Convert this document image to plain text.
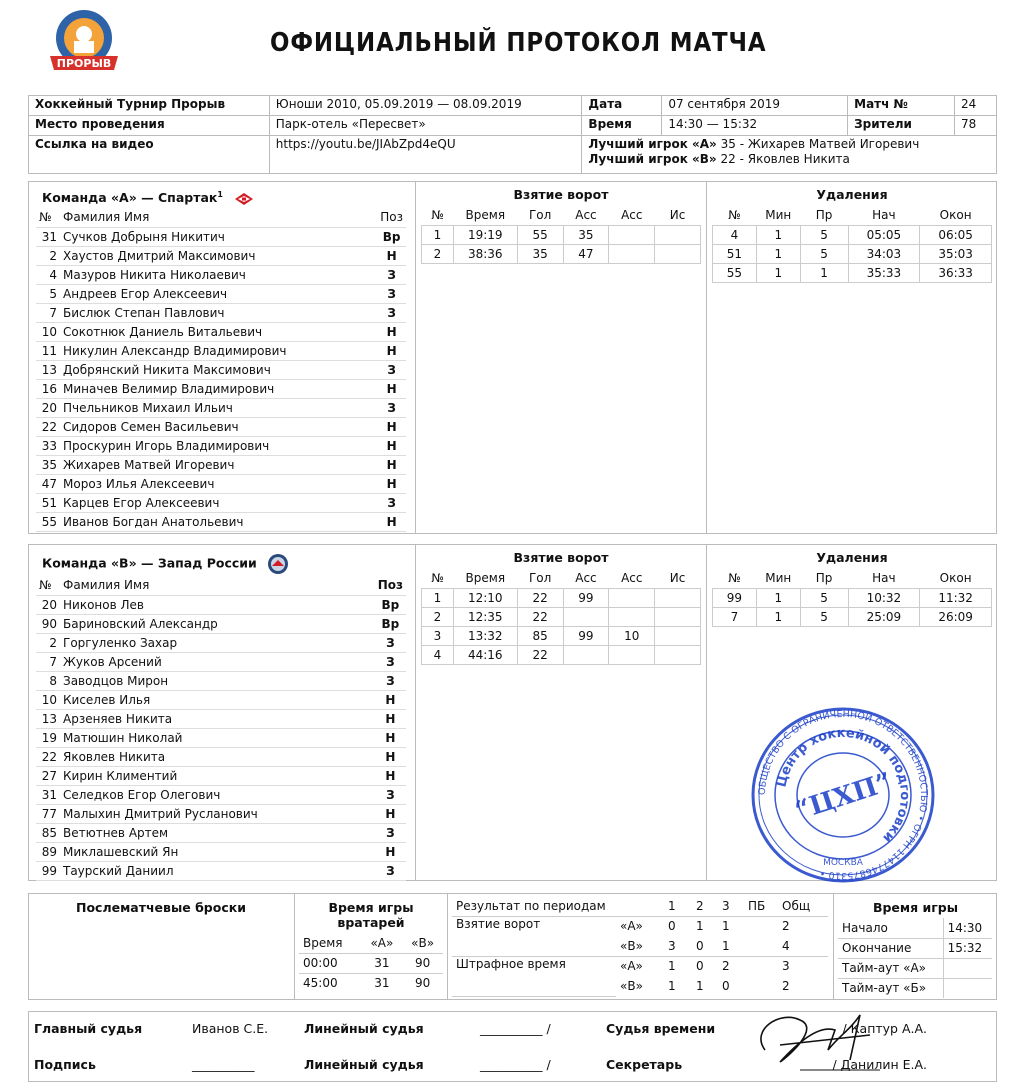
ПРОРЫВ
ОФИЦИАЛЬНЫЙ ПРОТОКОЛ МАТЧА
Хоккейный Турнир Прорыв	Юноши 2010, 05.09.2019 — 08.09.2019	Дата	07 сентября 2019	Матч №	24
Место проведения	Парк-отель «Пересвет»	Время	14:30 — 15:32	Зрители	78
Ссылка на видео	https://youtu.be/JIAbZpd4eQU	Лучший игрок «А» 35 - Жихарев Матвей Игоревич
Лучший игрок «В» 22 - Яковлев Никита			
Команда «А» — Спартак$^1$
№	Фамилия Имя	Поз
31	Сучков Добрыня Никитич	Вр
2	Хаустов Дмитрий Максимович	Н
4	Мазуров Никита Николаевич	З
5	Андреев Егор Алексеевич	З
7	Бислюк Степан Павлович	З
10	Сокотнюк Даниель Витальевич	Н
11	Никулин Александр Владимирович	Н
13	Добрянский Никита Максимович	З
16	Миначев Велимир Владимирович	Н
20	Пчельников Михаил Ильич	З
22	Сидоров Семен Васильевич	Н
33	Проскурин Игорь Владимирович	Н
35	Жихарев Матвей Игоревич	Н
47	Мороз Илья Алексеевич	Н
51	Карцев Егор Алексеевич	З
55	Иванов Богдан Анатольевич	Н
Взятие ворот
№	Время	Гол	Асс	Асс	Ис
1	19:19	55	35		
2	38:36	35	47		
Удаления
№	Мин	Пр	Нач	Окон
4	1	5	05:05	06:05
51	1	5	34:03	35:03
55	1	1	35:33	36:33
Команда «В» — Запад России
№	Фамилия Имя	Поз
20	Никонов Лев	Вр
90	Бариновский Александр	Вр
2	Горгуленко Захар	З
7	Жуков Арсений	З
8	Заводцов Мирон	З
10	Киселев Илья	Н
13	Арзеняев Никита	Н
19	Матюшин Николай	Н
22	Яковлев Никита	Н
27	Кирин Климентий	Н
31	Селедков Егор Олегович	З
77	Малыхин Дмитрий Русланович	Н
85	Ветютнев Артем	З
89	Миклашевский Ян	Н
99	Таурский Даниил	З
Взятие ворот
№	Время	Гол	Асс	Асс	Ис
1	12:10	22	99		
2	12:35	22			
3	13:32	85	99	10	
4	44:16	22			
Удаления
№	Мин	Пр	Нач	Окон
99	1	5	10:32	11:32
7	1	5	25:09	26:09
ОБЩЕСТВО С ОГРАНИЧЕННОЙ ОТВЕТСТВЕННОСТЬЮ • ОГРН 1147746875310 •
Центр хоккейной подготовки
“ЦХП”
МОСКВА
Послематчевые броски	Время игры
вратарей
Время	«А»	«В»
00:00	31	90
45:00	31	90
Результат по периодам		1	2	3	ПБ	Общ
Взятие ворот	«А»	0	1	1		2
	«В»	3	0	1		4
Штрафное время	«А»	1	0	2		3
	«В»	1	1	0		2
Время игры
Начало	14:30
Окончание	15:32
Тайм-аут «А»	
Тайм-аут «Б»	
Главный судья	Иванов С.Е.	Линейный судья	__________ /	Судья времени	/ Каптур А.А.
Подпись	__________	Линейный судья	__________ /	Секретарь	/ Данилин Е.А.
